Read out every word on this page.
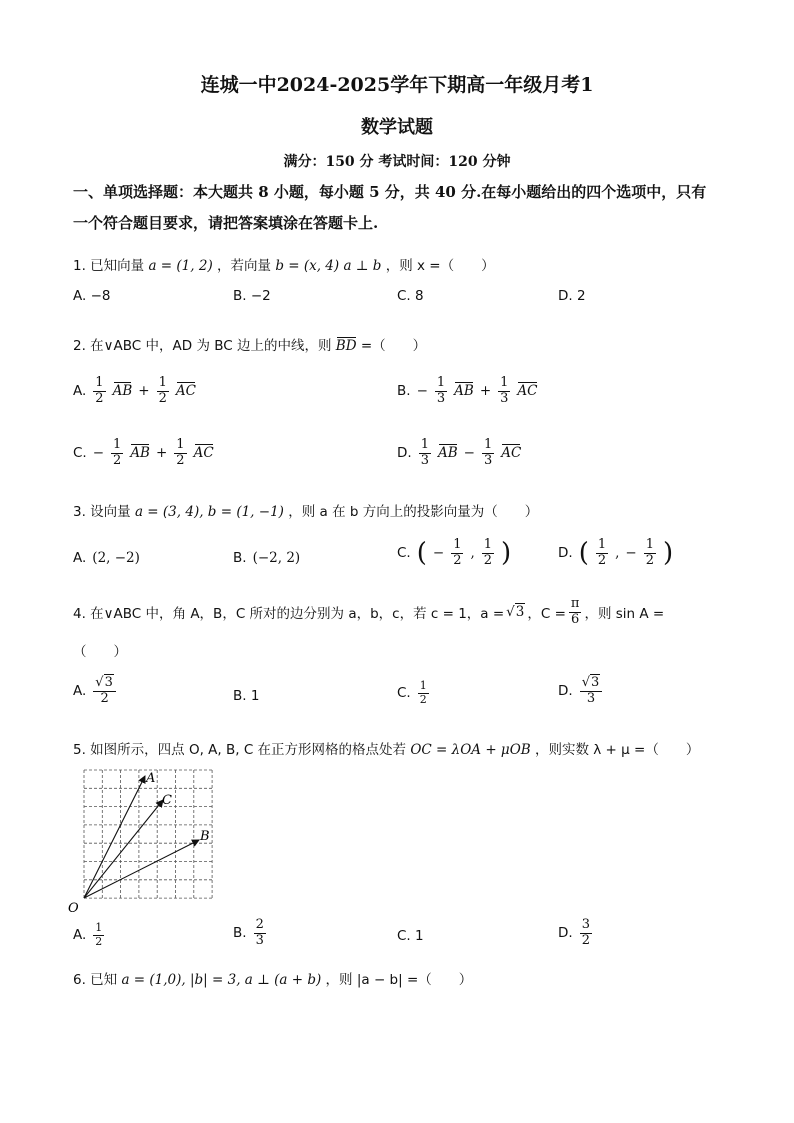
连城一中2024-2025学年下期高一年级月考1
数学试题
满分：150 分 考试时间：120 分钟
一、单项选择题：本大题共 8 小题，每小题 5 分，共 40 分.在每小题给出的四个选项中，只有
一个符合题目要求，请把答案填涂在答题卡上.
1. 已知向量 a = (1, 2) ，若向量 b = (x, 4) a ⊥ b ，则 x =（　　）
A. −8	B. −2	C. 8	D. 2
2. 在∨ABC 中，AD 为 BC 边上的中线，则 BD =（　　）
A. $\frac{1}{2}$ AB + $\frac{1}{2}$ AC	B. − $\frac{1}{3}$ AB + $\frac{1}{3}$ AC
C. − $\frac{1}{2}$ AB + $\frac{1}{2}$ AC	D. $\frac{1}{3}$ AB − $\frac{1}{3}$ AC
3. 设向量 a = (3, 4), b = (1, −1) ，则 a 在 b 方向上的投影向量为（　　）
A. (2, −2)	B. (−2, 2)	C. ( − $\frac{1}{2}$ , $\frac{1}{2}$ )	D. ( $\frac{1}{2}$ , − $\frac{1}{2}$ )
4. 在∨ABC 中，角 A，B，C 所对的边分别为 a，b，c，若 c = 1，a = √3 ，$C = \frac{\pi}{6}$ ，则 sin A =
（　　）
A. $\frac{√3}{2}$	B. 1	C. $\frac{1}{2}$	D. $\frac{√3}{3}$
5. 如图所示，四点 O, A, B, C 在正方形网格的格点处若 OC = λOA + μOB ，则实数 λ + μ =（　　）
A
C
B
O
A. $\frac{1}{2}$	B. $\frac{2}{3}$	C. 1	D. $\frac{3}{2}$
6. 已知 a = (1,0), |b| = 3, a ⊥ (a + b) ，则 |a − b| =（　　）
